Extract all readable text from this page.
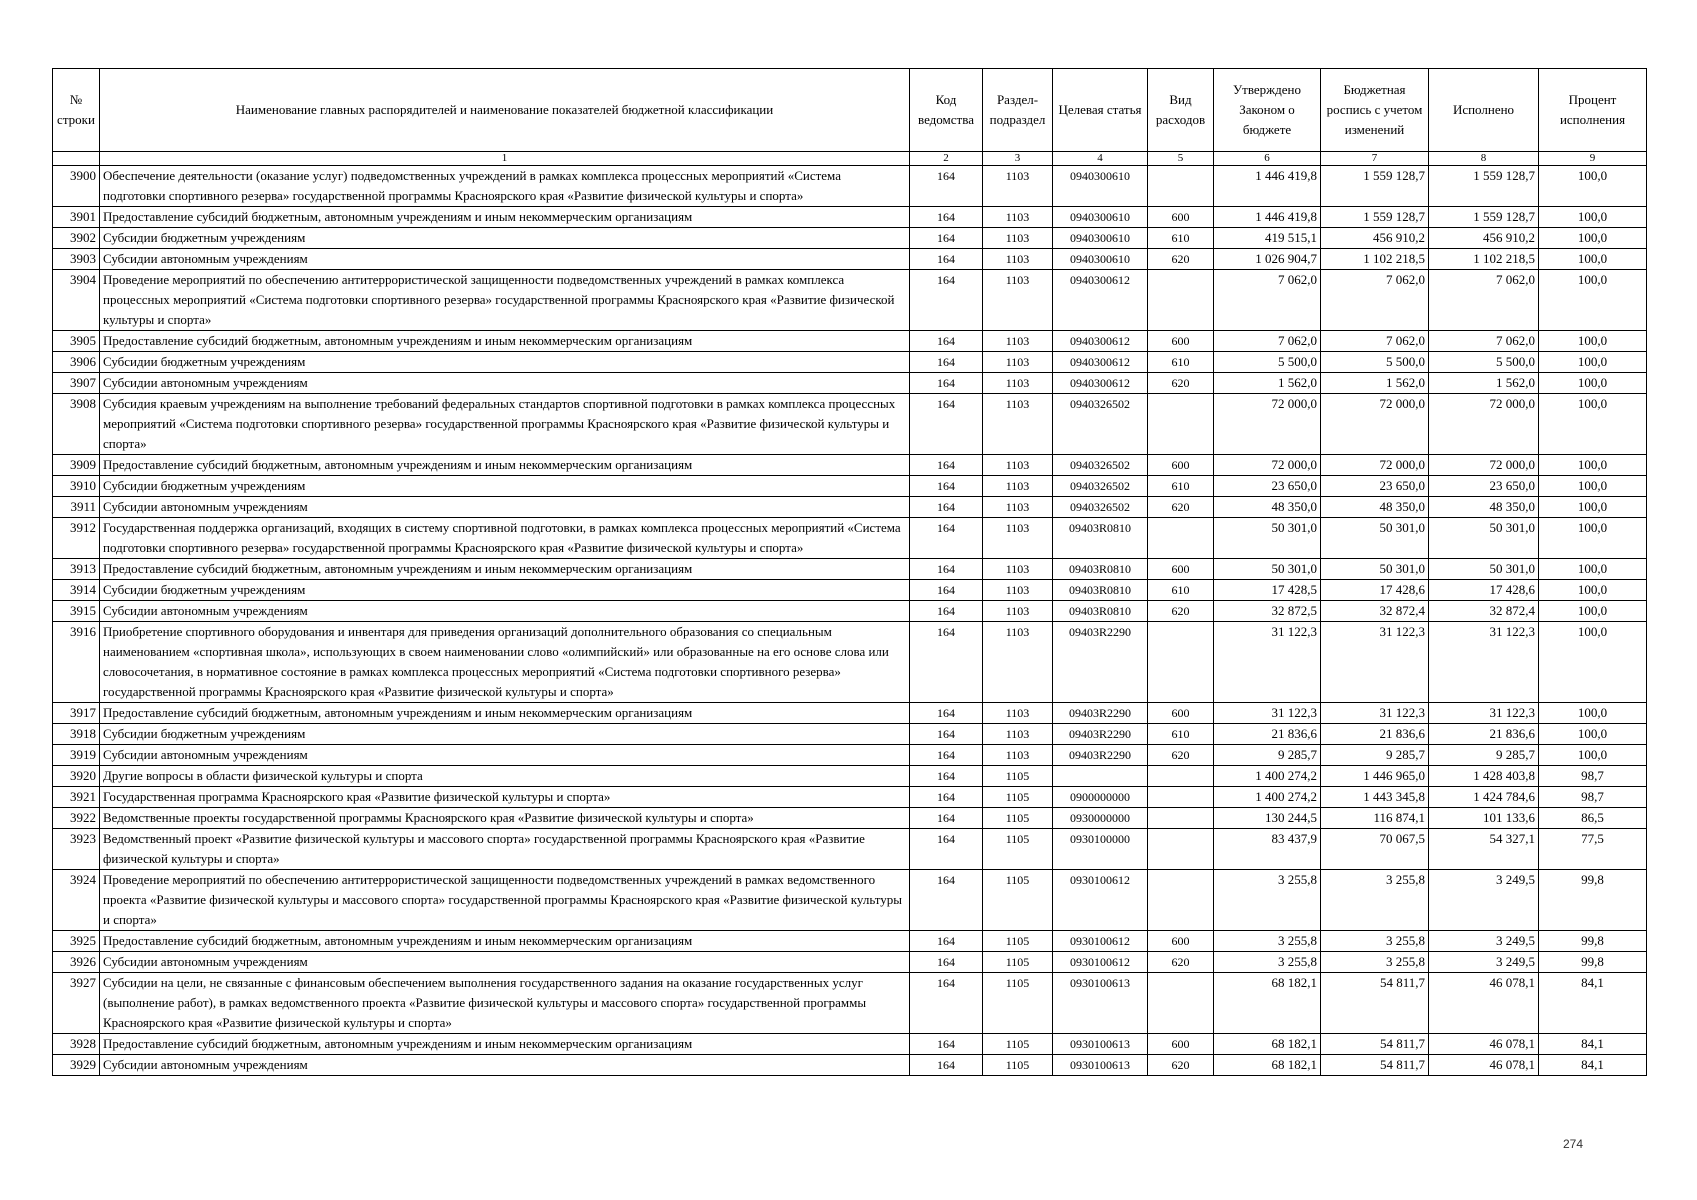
№ строки	Наименование главных распорядителей и наименование показателей бюджетной классификации	Код ведомства	Раздел-подраздел	Целевая статья	Вид расходов	Утверждено Законом о бюджете	Бюджетная роспись с учетом изменений	Исполнено	Процент исполнения
	1	2	3	4	5	6	7	8	9
3900	Обеспечение деятельности (оказание услуг) подведомственных учреждений в рамках комплекса процессных мероприятий «Система подготовки спортивного резерва» государственной программы Красноярского края «Развитие физической культуры и спорта»	164	1103	0940300610		1 446 419,8	1 559 128,7	1 559 128,7	100,0
3901	Предоставление субсидий бюджетным, автономным учреждениям и иным некоммерческим организациям	164	1103	0940300610	600	1 446 419,8	1 559 128,7	1 559 128,7	100,0
3902	Субсидии бюджетным учреждениям	164	1103	0940300610	610	419 515,1	456 910,2	456 910,2	100,0
3903	Субсидии автономным учреждениям	164	1103	0940300610	620	1 026 904,7	1 102 218,5	1 102 218,5	100,0
3904	Проведение мероприятий по обеспечению антитеррористической защищенности подведомственных учреждений в рамках комплекса процессных мероприятий «Система подготовки спортивного резерва» государственной программы Красноярского края «Развитие физической культуры и спорта»	164	1103	0940300612		7 062,0	7 062,0	7 062,0	100,0
3905	Предоставление субсидий бюджетным, автономным учреждениям и иным некоммерческим организациям	164	1103	0940300612	600	7 062,0	7 062,0	7 062,0	100,0
3906	Субсидии бюджетным учреждениям	164	1103	0940300612	610	5 500,0	5 500,0	5 500,0	100,0
3907	Субсидии автономным учреждениям	164	1103	0940300612	620	1 562,0	1 562,0	1 562,0	100,0
3908	Субсидия краевым учреждениям на выполнение требований федеральных стандартов спортивной подготовки в рамках комплекса процессных мероприятий «Система подготовки спортивного резерва» государственной программы Красноярского края «Развитие физической культуры и спорта»	164	1103	0940326502		72 000,0	72 000,0	72 000,0	100,0
3909	Предоставление субсидий бюджетным, автономным учреждениям и иным некоммерческим организациям	164	1103	0940326502	600	72 000,0	72 000,0	72 000,0	100,0
3910	Субсидии бюджетным учреждениям	164	1103	0940326502	610	23 650,0	23 650,0	23 650,0	100,0
3911	Субсидии автономным учреждениям	164	1103	0940326502	620	48 350,0	48 350,0	48 350,0	100,0
3912	Государственная поддержка организаций, входящих в систему спортивной подготовки, в рамках комплекса процессных мероприятий «Система подготовки спортивного резерва» государственной программы Красноярского края «Развитие физической культуры и спорта»	164	1103	09403R0810		50 301,0	50 301,0	50 301,0	100,0
3913	Предоставление субсидий бюджетным, автономным учреждениям и иным некоммерческим организациям	164	1103	09403R0810	600	50 301,0	50 301,0	50 301,0	100,0
3914	Субсидии бюджетным учреждениям	164	1103	09403R0810	610	17 428,5	17 428,6	17 428,6	100,0
3915	Субсидии автономным учреждениям	164	1103	09403R0810	620	32 872,5	32 872,4	32 872,4	100,0
3916	Приобретение спортивного оборудования и инвентаря для приведения организаций дополнительного образования со специальным наименованием «спортивная школа», использующих в своем наименовании слово «олимпийский» или образованные на его основе слова или словосочетания, в нормативное состояние в рамках комплекса процессных мероприятий «Система подготовки спортивного резерва» государственной программы Красноярского края «Развитие физической культуры и спорта»	164	1103	09403R2290		31 122,3	31 122,3	31 122,3	100,0
3917	Предоставление субсидий бюджетным, автономным учреждениям и иным некоммерческим организациям	164	1103	09403R2290	600	31 122,3	31 122,3	31 122,3	100,0
3918	Субсидии бюджетным учреждениям	164	1103	09403R2290	610	21 836,6	21 836,6	21 836,6	100,0
3919	Субсидии автономным учреждениям	164	1103	09403R2290	620	9 285,7	9 285,7	9 285,7	100,0
3920	Другие вопросы в области физической культуры и спорта	164	1105			1 400 274,2	1 446 965,0	1 428 403,8	98,7
3921	Государственная программа Красноярского края «Развитие физической культуры и спорта»	164	1105	0900000000		1 400 274,2	1 443 345,8	1 424 784,6	98,7
3922	Ведомственные проекты государственной программы Красноярского края «Развитие физической культуры и спорта»	164	1105	0930000000		130 244,5	116 874,1	101 133,6	86,5
3923	Ведомственный проект «Развитие физической культуры и массового спорта» государственной программы Красноярского края «Развитие физической культуры и спорта»	164	1105	0930100000		83 437,9	70 067,5	54 327,1	77,5
3924	Проведение мероприятий по обеспечению антитеррористической защищенности подведомственных учреждений в рамках ведомственного проекта «Развитие физической культуры и массового спорта» государственной программы Красноярского края «Развитие физической культуры и спорта»	164	1105	0930100612		3 255,8	3 255,8	3 249,5	99,8
3925	Предоставление субсидий бюджетным, автономным учреждениям и иным некоммерческим организациям	164	1105	0930100612	600	3 255,8	3 255,8	3 249,5	99,8
3926	Субсидии автономным учреждениям	164	1105	0930100612	620	3 255,8	3 255,8	3 249,5	99,8
3927	Субсидии на цели, не связанные с финансовым обеспечением выполнения государственного задания на оказание государственных услуг (выполнение работ), в рамках ведомственного проекта «Развитие физической культуры и массового спорта» государственной программы Красноярского края «Развитие физической культуры и спорта»	164	1105	0930100613		68 182,1	54 811,7	46 078,1	84,1
3928	Предоставление субсидий бюджетным, автономным учреждениям и иным некоммерческим организациям	164	1105	0930100613	600	68 182,1	54 811,7	46 078,1	84,1
3929	Субсидии автономным учреждениям	164	1105	0930100613	620	68 182,1	54 811,7	46 078,1	84,1
274
